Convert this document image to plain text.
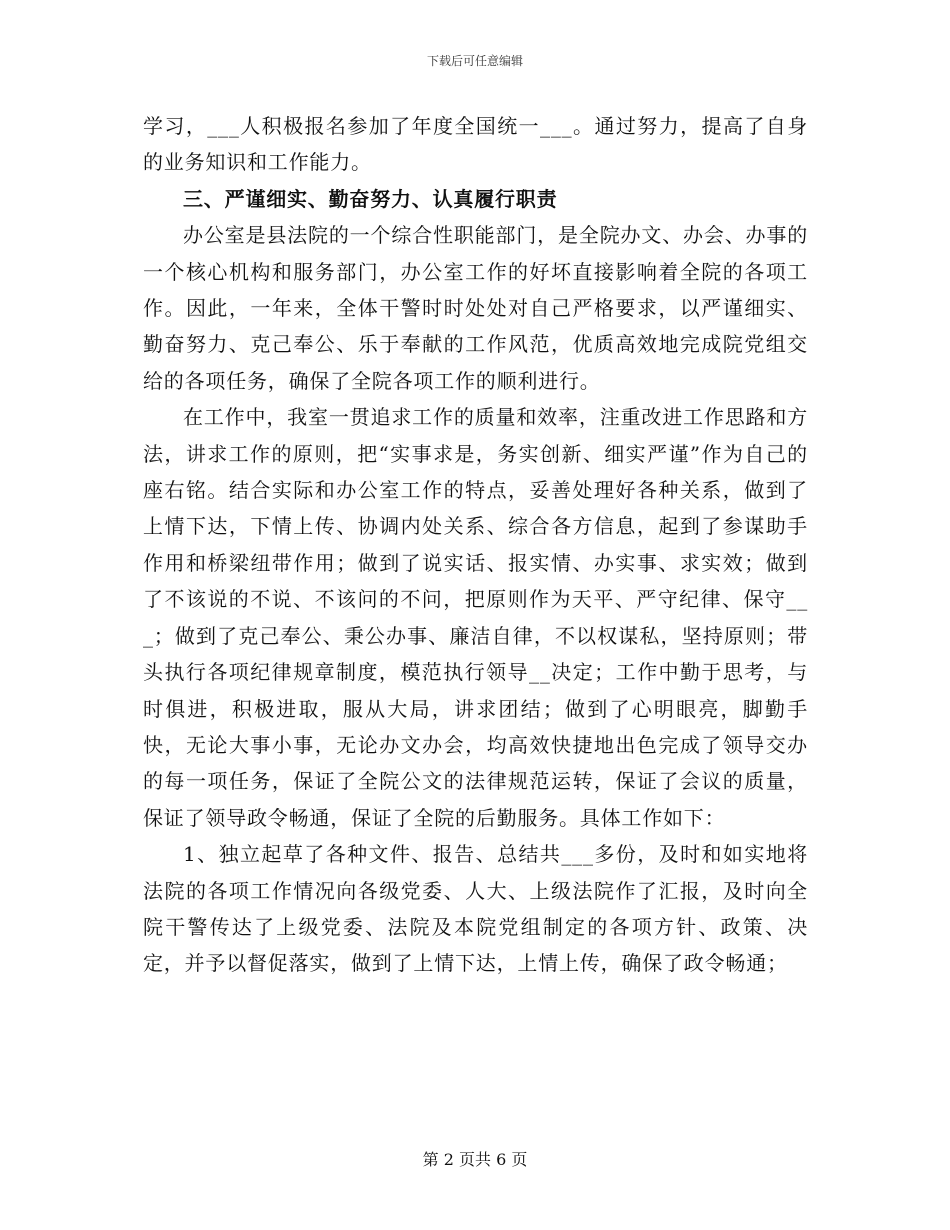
下载后可任意编辑

学习，___人积极报名参加了年度全国统一___。通过努力，提高了自身的业务知识和工作能力。

三、严谨细实、勤奋努力、认真履行职责

办公室是县法院的一个综合性职能部门，是全院办文、办会、办事的一个核心机构和服务部门，办公室工作的好坏直接影响着全院的各项工作。因此，一年来，全体干警时时处处对自己严格要求，以严谨细实、勤奋努力、克己奉公、乐于奉献的工作风范，优质高效地完成院党组交给的各项任务，确保了全院各项工作的顺利进行。

在工作中，我室一贯追求工作的质量和效率，注重改进工作思路和方法，讲求工作的原则，把“实事求是，务实创新、细实严谨”作为自己的座右铭。结合实际和办公室工作的特点，妥善处理好各种关系，做到了上情下达，下情上传、协调内处关系、综合各方信息，起到了参谋助手作用和桥梁纽带作用；做到了说实话、报实情、办实事、求实效；做到了不该说的不说、不该问的不问，把原则作为天平、严守纪律、保守___；做到了克己奉公、秉公办事、廉洁自律，不以权谋私，坚持原则；带头执行各项纪律规章制度，模范执行领导__决定；工作中勤于思考，与时俱进，积极进取，服从大局，讲求团结；做到了心明眼亮，脚勤手快，无论大事小事，无论办文办会，均高效快捷地出色完成了领导交办的每一项任务，保证了全院公文的法律规范运转，保证了会议的质量，保证了领导政令畅通，保证了全院的后勤服务。具体工作如下：

1、独立起草了各种文件、报告、总结共___多份，及时和如实地将法院的各项工作情况向各级党委、人大、上级法院作了汇报，及时向全院干警传达了上级党委、法院及本院党组制定的各项方针、政策、决定，并予以督促落实，做到了上情下达，上情上传，确保了政令畅通；

第 2 页共 6 页
